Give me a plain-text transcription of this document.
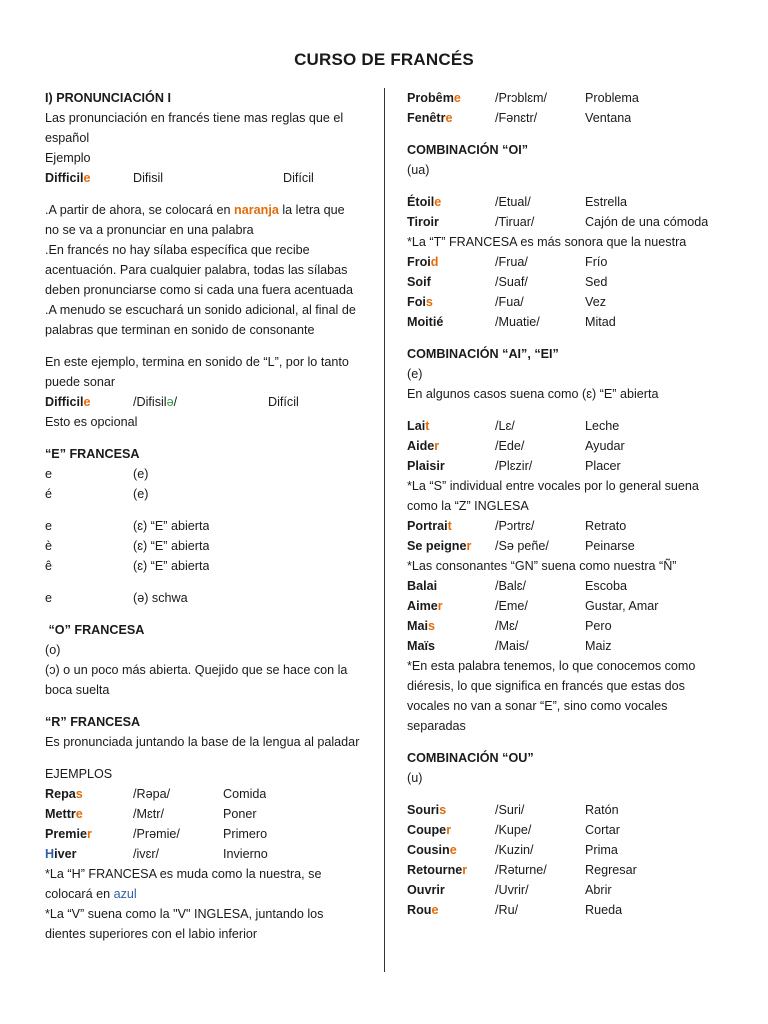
CURSO DE FRANCÉS
I) PRONUNCIACIÓN I
Las pronunciación en francés tiene mas reglas que el
español
Ejemplo
Difficile	Difisil	Difícil
.A partir de ahora, se colocará en naranja la letra que
no se va a pronunciar en una palabra
.En francés no hay sílaba específica que recibe
acentuación. Para cualquier palabra, todas las sílabas
deben pronunciarse como si cada una fuera acentuada
.A menudo se escuchará un sonido adicional, al final de
palabras que terminan en sonido de consonante
En este ejemplo, termina en sonido de “L”, por lo tanto
puede sonar
Difficile	/Difisilə/	Difícil
Esto es opcional
“E” FRANCESA
e	(e)
é	(e)
e	(ɛ) “E” abierta
è	(ɛ) “E” abierta
ê	(ɛ) “E” abierta
e	(ə) schwa
“O” FRANCESA
(o)
(ɔ) o un poco más abierta. Quejido que se hace con la
boca suelta
“R” FRANCESA
Es pronunciada juntando la base de la lengua al paladar
EJEMPLOS
Repas	/Rəpa/	Comida
Mettre	/Mɛtr/	Poner
Premier	/Prəmie/	Primero
Hiver	/ivɛr/	Invierno
*La “H” FRANCESA es muda como la nuestra, se
colocará en azul
*La “V” suena como la "V" INGLESA, juntando los
dientes superiores con el labio inferior
Probême	/Prɔblɛm/	Problema
Fenêtre	/Fənɛtr/	Ventana
COMBINACIÓN “OI”
(ua)
Étoile	/Etual/	Estrella
Tiroir	/Tiruar/	Cajón de una cómoda
*La “T” FRANCESA es más sonora que la nuestra
Froid	/Frua/	Frío
Soif	/Suaf/	Sed
Fois	/Fua/	Vez
Moitié	/Muatie/	Mitad
COMBINACIÓN “AI”, “EI”
(e)
En algunos casos suena como (ɛ) “E” abierta
Lait	/Lɛ/	Leche
Aider	/Ede/	Ayudar
Plaisir	/Plɛzir/	Placer
*La “S” individual entre vocales por lo general suena
como la “Z” INGLESA
Portrait	/Pɔrtrɛ/	Retrato
Se peigner	/Sə peñe/	Peinarse
*Las consonantes “GN” suena como nuestra “Ñ”
Balai	/Balɛ/	Escoba
Aimer	/Eme/	Gustar, Amar
Mais	/Mɛ/	Pero
Maïs	/Mais/	Maiz
*En esta palabra tenemos, lo que conocemos como
diéresis, lo que significa en francés que estas dos
vocales no van a sonar “E”, sino como vocales
separadas
COMBINACIÓN “OU”
(u)
Souris	/Suri/	Ratón
Couper	/Kupe/	Cortar
Cousine	/Kuzin/	Prima
Retourner	/Rəturne/	Regresar
Ouvrir	/Uvrir/	Abrir
Roue	/Ru/	Rueda
